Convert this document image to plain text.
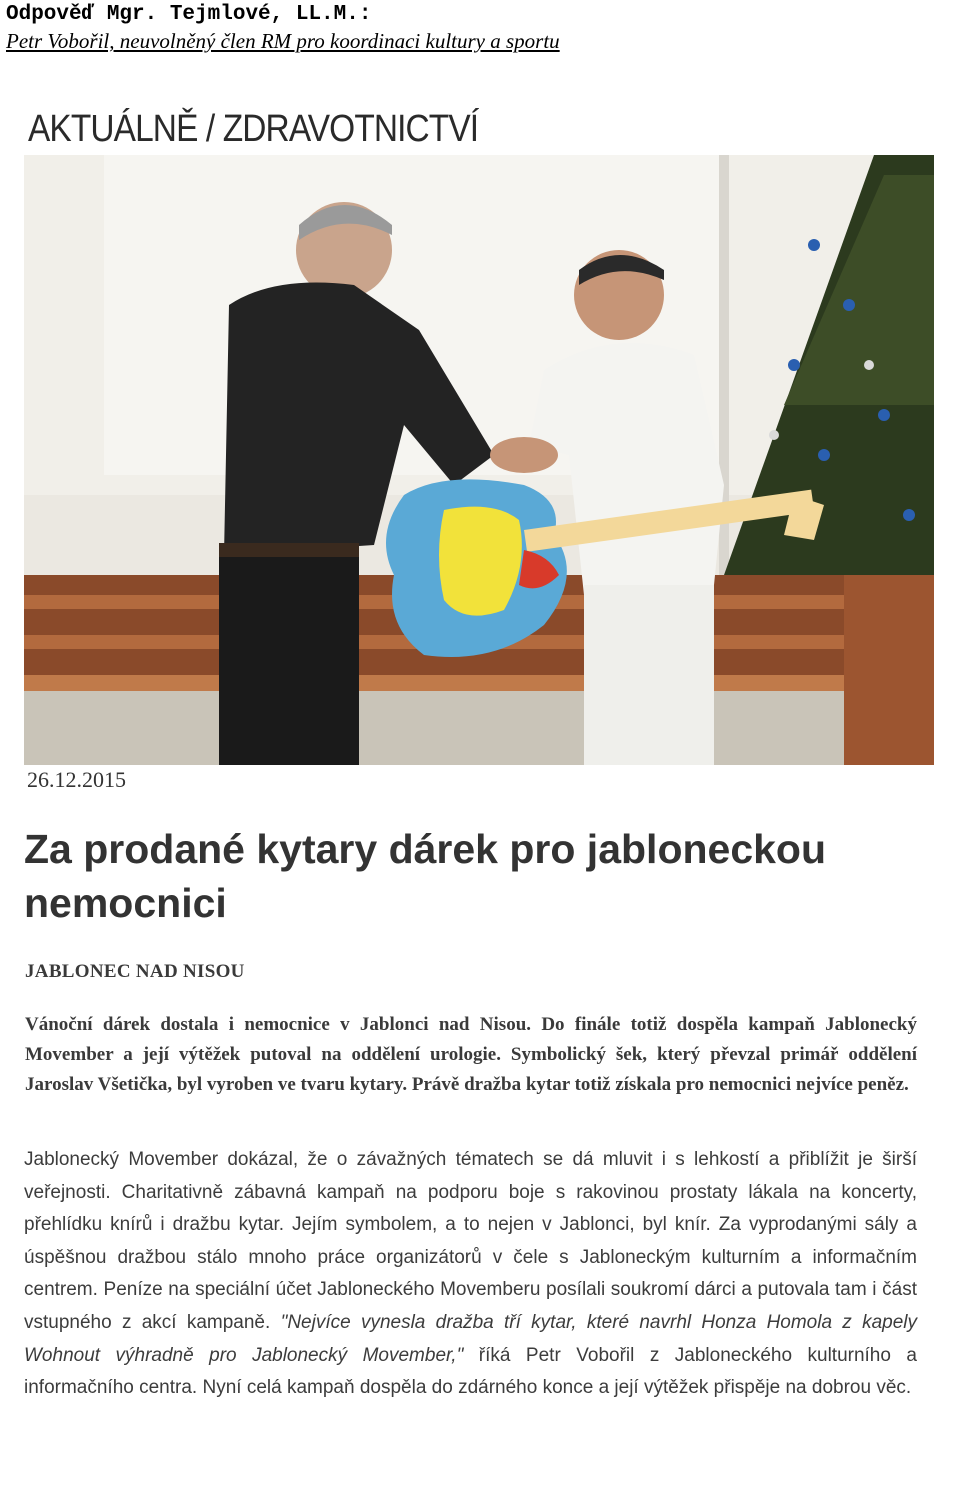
Odpověď Mgr. Tejmlové, LL.M.:
Petr Vobořil, neuvolněný člen RM pro koordinaci kultury a sportu
AKTUÁLNĚ / ZDRAVOTNICTVÍ
26.12.2015
Za prodané kytary dárek pro jabloneckou nemocnici
JABLONEC NAD NISOU
Vánoční dárek dostala i nemocnice v Jablonci nad Nisou. Do finále totiž dospěla kampaň Jablonecký Movember a její výtěžek putoval na oddělení urologie. Symbolický šek, který převzal primář oddělení Jaroslav Všetička, byl vyroben ve tvaru kytary. Právě dražba kytar totiž získala pro nemocnici nejvíce peněz.
Jablonecký Movember dokázal, že o závažných tématech se dá mluvit i s lehkostí a přiblížit je širší veřejnosti. Charitativně zábavná kampaň na podporu boje s rakovinou prostaty lákala na koncerty, přehlídku knírů i dražbu kytar. Jejím symbolem, a to nejen v Jablonci, byl knír. Za vyprodanými sály a úspěšnou dražbou stálo mnoho práce organizátorů v čele s Jabloneckým kulturním a informačním centrem. Peníze na speciální účet Jabloneckého Movemberu posílali soukromí dárci a putovala tam i část vstupného z akcí kampaně. "Nejvíce vynesla dražba tří kytar, které navrhl Honza Homola z kapely Wohnout výhradně pro Jablonecký Movember," říká Petr Vobořil z Jabloneckého kulturního a informačního centra. Nyní celá kampaň dospěla do zdárného konce a její výtěžek přispěje na dobrou věc.
